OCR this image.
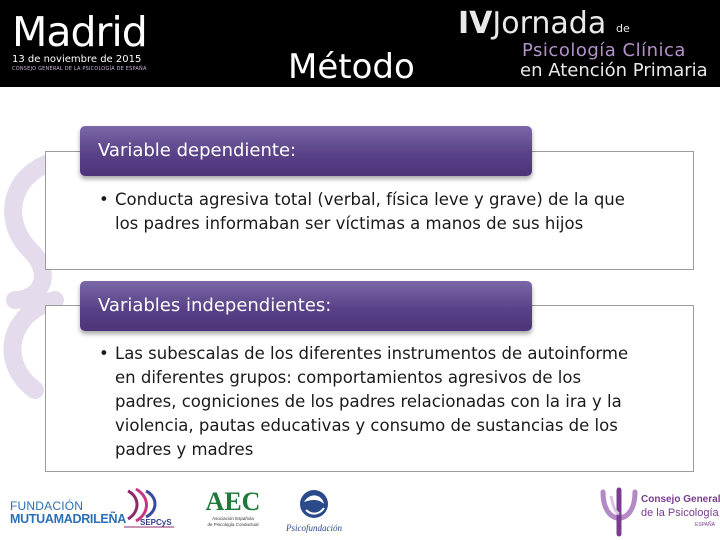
Madrid
13 de noviembre de 2015
CONSEJO GENERAL DE LA PSICOLOGÍA DE ESPAÑA	Método
IVJornada de
Psicología Clínica
en Atención Primaria
Variable dependiente:
• Conducta agresiva total (verbal, física leve y grave) de la que los padres informaban ser víctimas a manos de sus hijos
Variables independientes:
• Las subescalas de los diferentes instrumentos de autoinforme en diferentes grupos: comportamientos agresivos de los padres, cogniciones de los padres relacionadas con la ira y la violencia, pautas educativas y consumo de sustancias de los padres y madres
FUNDACIÓN
MUTUAMADRILEÑA SEPCyS
AEC
Asociación Española
de Psicología Conductual	Psicofundación
Consejo General
de la Psicología
ESPAÑA
